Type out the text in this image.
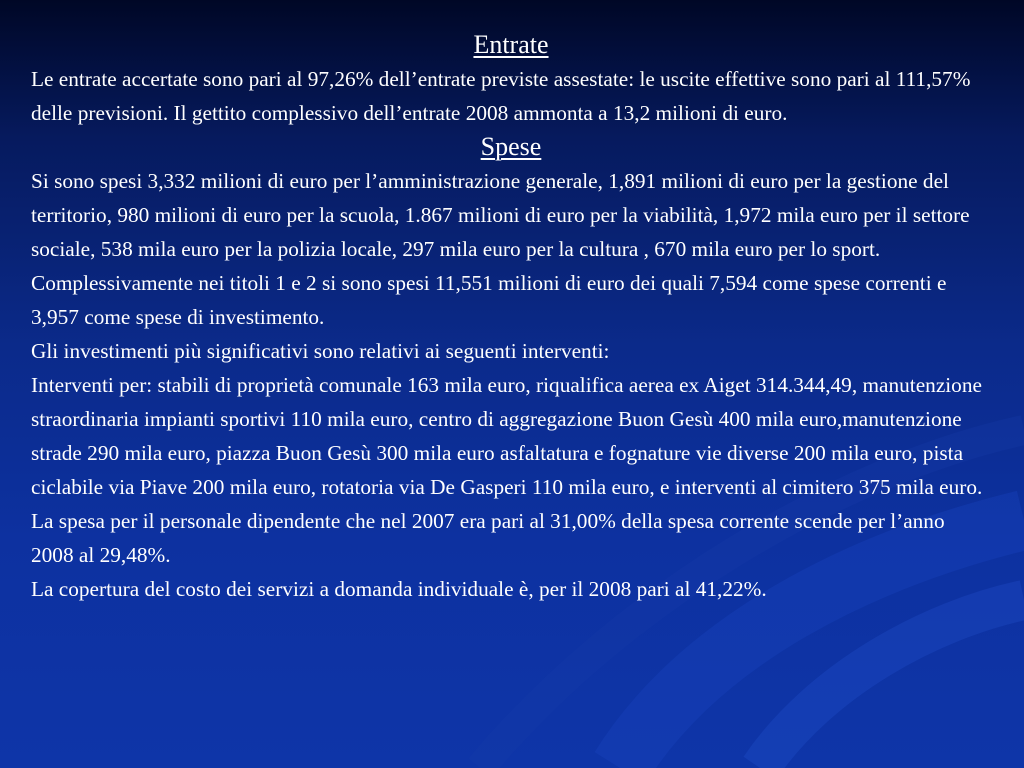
Entrate

Le entrate accertate sono pari al 97,26% dell’entrate previste assestate: le uscite effettive sono pari al 111,57% delle previsioni. Il gettito complessivo dell’entrate 2008 ammonta a 13,2 milioni di euro.

Spese

Si sono spesi 3,332 milioni di euro per l’amministrazione generale, 1,891 milioni di euro per la gestione del territorio, 980 milioni di euro per la scuola, 1.867 milioni di euro per la viabilità, 1,972 mila euro per il settore sociale, 538 mila euro per la polizia locale, 297 mila euro per la cultura , 670 mila euro per lo sport.

Complessivamente nei titoli 1 e 2 si sono spesi 11,551 milioni di euro dei quali 7,594 come spese correnti e 3,957 come spese di investimento.

Gli investimenti più significativi sono relativi ai seguenti interventi:

Interventi per: stabili di proprietà comunale 163 mila euro, riqualifica aerea ex Aiget 314.344,49, manutenzione straordinaria impianti sportivi 110 mila euro, centro di aggregazione Buon Gesù 400 mila euro,manutenzione strade 290 mila euro, piazza Buon Gesù 300 mila euro asfaltatura e fognature vie diverse 200 mila euro, pista ciclabile via Piave 200 mila euro, rotatoria via De Gasperi 110 mila euro, e interventi al cimitero 375 mila euro.

La spesa per il personale dipendente che nel 2007 era pari al 31,00% della spesa corrente scende per l’anno 2008 al 29,48%.

La copertura del costo dei servizi a domanda individuale è, per il 2008 pari al 41,22%.
